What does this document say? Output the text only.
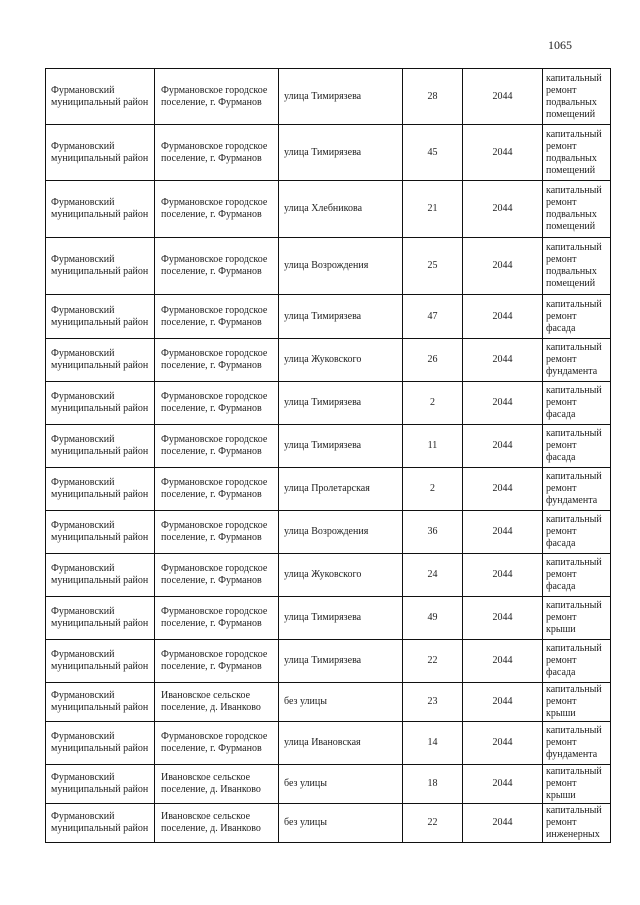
1065
Фурмановский муниципальный район	Фурмановское городское поселение, г. Фурманов	улица Тимирязева	28	2044	капитальный ремонт подвальных помещений
Фурмановский муниципальный район	Фурмановское городское поселение, г. Фурманов	улица Тимирязева	45	2044	капитальный ремонт подвальных помещений
Фурмановский муниципальный район	Фурмановское городское поселение, г. Фурманов	улица Хлебникова	21	2044	капитальный ремонт подвальных помещений
Фурмановский муниципальный район	Фурмановское городское поселение, г. Фурманов	улица Возрождения	25	2044	капитальный ремонт подвальных помещений
Фурмановский муниципальный район	Фурмановское городское поселение, г. Фурманов	улица Тимирязева	47	2044	капитальный ремонт фасада
Фурмановский муниципальный район	Фурмановское городское поселение, г. Фурманов	улица Жуковского	26	2044	капитальный ремонт фундамента
Фурмановский муниципальный район	Фурмановское городское поселение, г. Фурманов	улица Тимирязева	2	2044	капитальный ремонт фасада
Фурмановский муниципальный район	Фурмановское городское поселение, г. Фурманов	улица Тимирязева	11	2044	капитальный ремонт фасада
Фурмановский муниципальный район	Фурмановское городское поселение, г. Фурманов	улица Пролетарская	2	2044	капитальный ремонт фундамента
Фурмановский муниципальный район	Фурмановское городское поселение, г. Фурманов	улица Возрождения	36	2044	капитальный ремонт фасада
Фурмановский муниципальный район	Фурмановское городское поселение, г. Фурманов	улица Жуковского	24	2044	капитальный ремонт фасада
Фурмановский муниципальный район	Фурмановское городское поселение, г. Фурманов	улица Тимирязева	49	2044	капитальный ремонт крыши
Фурмановский муниципальный район	Фурмановское городское поселение, г. Фурманов	улица Тимирязева	22	2044	капитальный ремонт фасада
Фурмановский муниципальный район	Ивановское сельское поселение, д. Иванково	без улицы	23	2044	капитальный ремонт крыши
Фурмановский муниципальный район	Фурмановское городское поселение, г. Фурманов	улица Ивановская	14	2044	капитальный ремонт фундамента
Фурмановский муниципальный район	Ивановское сельское поселение, д. Иванково	без улицы	18	2044	капитальный ремонт крыши
Фурмановский муниципальный район	Ивановское сельское поселение, д. Иванково	без улицы	22	2044	капитальный ремонт инженерных
